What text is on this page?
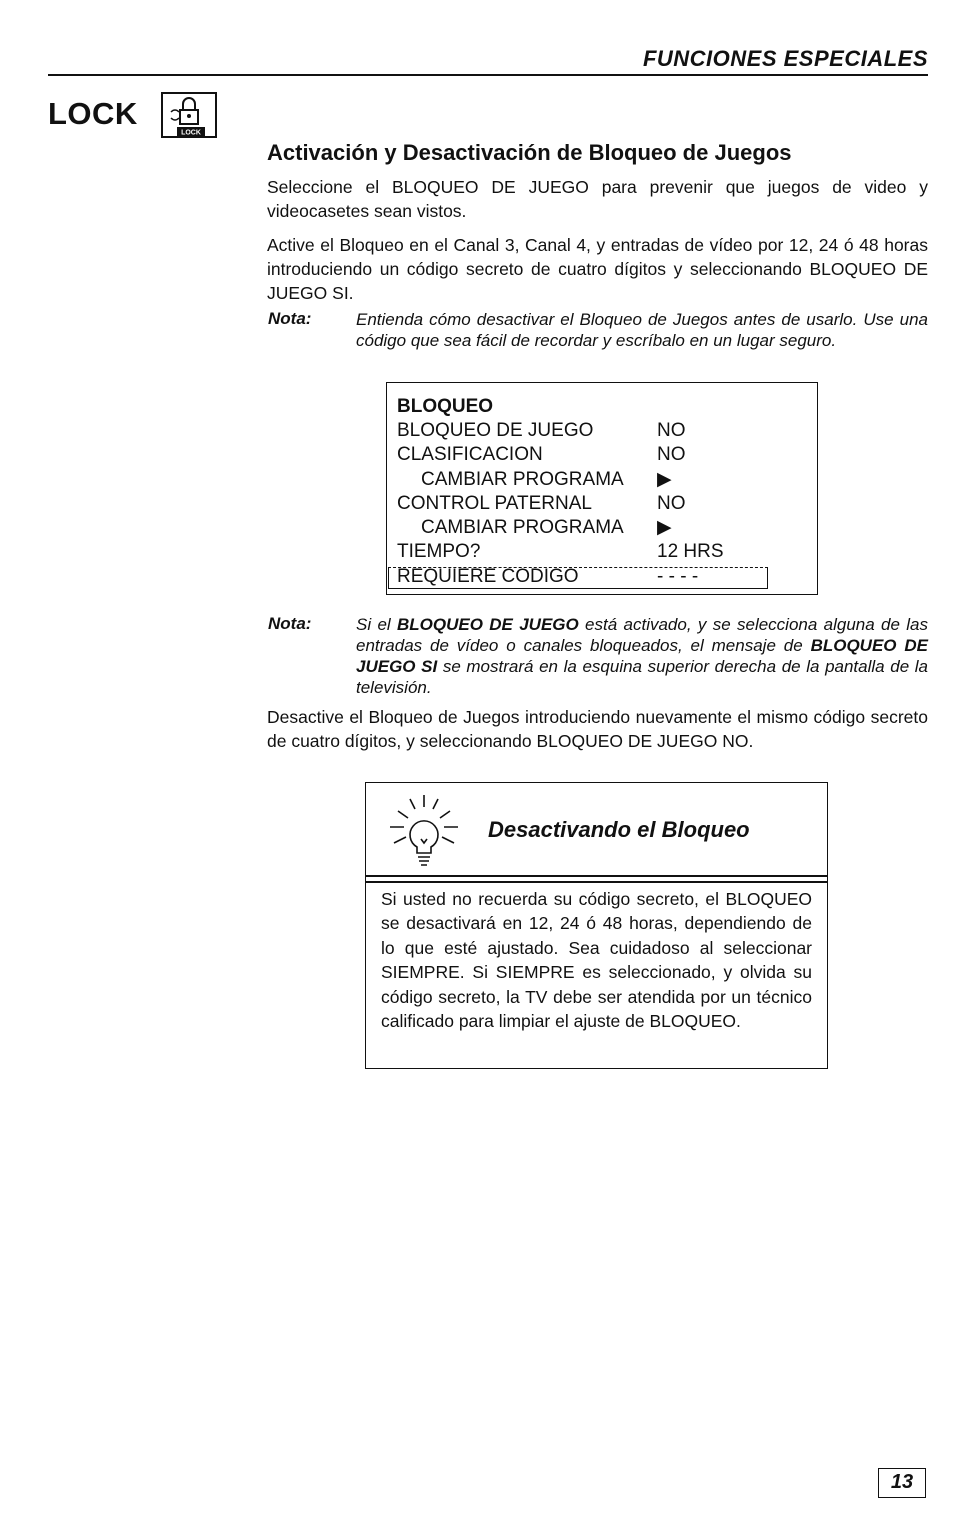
FUNCIONES ESPECIALES
LOCK
LOCK
Activación y Desactivación de Bloqueo de Juegos
Seleccione el BLOQUEO DE JUEGO para prevenir que juegos de video y videocasetes sean vistos.
Active el Bloqueo en el Canal 3, Canal 4, y entradas de vídeo por 12, 24 ó 48 horas introduciendo un código secreto de cuatro dígitos y seleccionando BLOQUEO DE JUEGO SI.
Nota:	Entienda cómo desactivar el Bloqueo de Juegos antes de usarlo. Use una código que sea fácil de recordar y escríbalo en un lugar seguro.
BLOQUEO
BLOQUEO DE JUEGO	NO
CLASIFICACION	NO
CAMBIAR PROGRAMA ▶
CONTROL PATERNAL	NO
CAMBIAR PROGRAMA ▶
TIEMPO?	12 HRS
REQUIERE CODIGO	- - - -
Nota:	Si el BLOQUEO DE JUEGO está activado, y se selecciona alguna de las entradas de vídeo o canales bloqueados, el mensaje de BLOQUEO DE JUEGO SI se mostrará en la esquina superior derecha de la pantalla de la televisión.
Desactive el Bloqueo de Juegos introduciendo nuevamente el mismo código secreto de cuatro dígitos, y seleccionando BLOQUEO DE JUEGO NO.
Desactivando el Bloqueo
Si usted no recuerda su código secreto, el BLOQUEO se desactivará en 12, 24 ó 48 horas, dependiendo de lo que esté ajustado. Sea cuidadoso al seleccionar SIEMPRE. Si SIEMPRE es seleccionado, y olvida su código secreto, la TV debe ser atendida por un técnico calificado para limpiar el ajuste de BLOQUEO.
13
